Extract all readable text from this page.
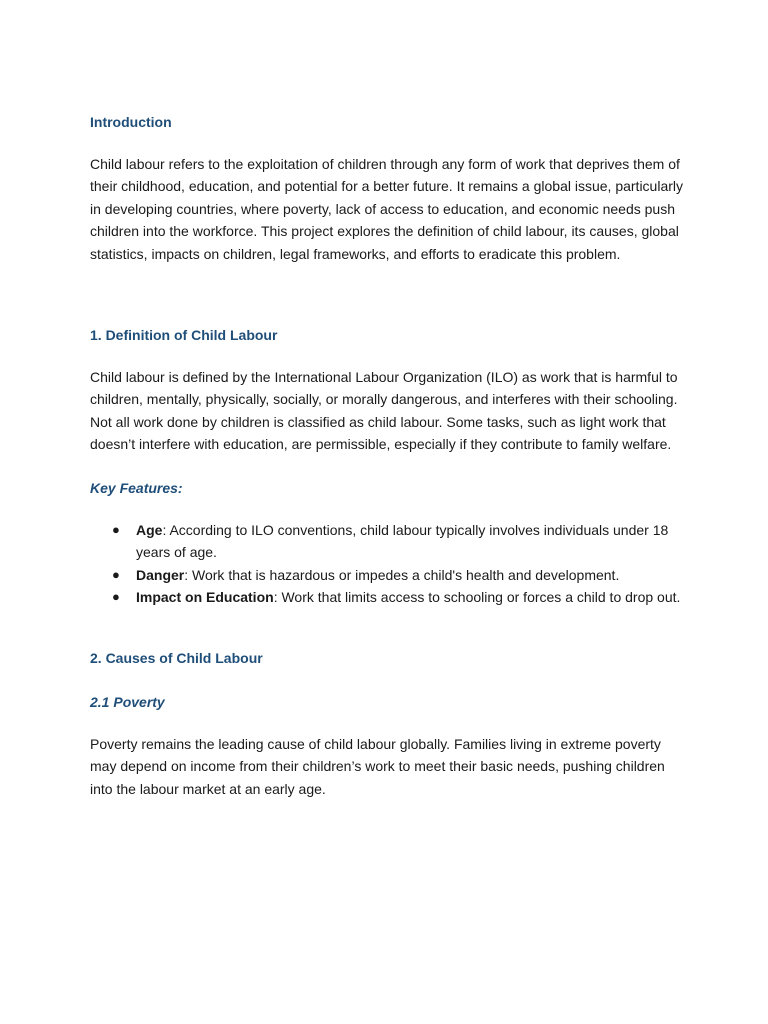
Introduction

Child labour refers to the exploitation of children through any form of work that deprives them of their childhood, education, and potential for a better future. It remains a global issue, particularly in developing countries, where poverty, lack of access to education, and economic needs push children into the workforce. This project explores the definition of child labour, its causes, global statistics, impacts on children, legal frameworks, and efforts to eradicate this problem.

1. Definition of Child Labour

Child labour is defined by the International Labour Organization (ILO) as work that is harmful to children, mentally, physically, socially, or morally dangerous, and interferes with their schooling. Not all work done by children is classified as child labour. Some tasks, such as light work that doesn’t interfere with education, are permissible, especially if they contribute to family welfare.

Key Features:
● Age: According to ILO conventions, child labour typically involves individuals under 18 years of age.
● Danger: Work that is hazardous or impedes a child's health and development.
● Impact on Education: Work that limits access to schooling or forces a child to drop out.
2. Causes of Child Labour
2.1 Poverty

Poverty remains the leading cause of child labour globally. Families living in extreme poverty may depend on income from their children’s work to meet their basic needs, pushing children into the labour market at an early age.
